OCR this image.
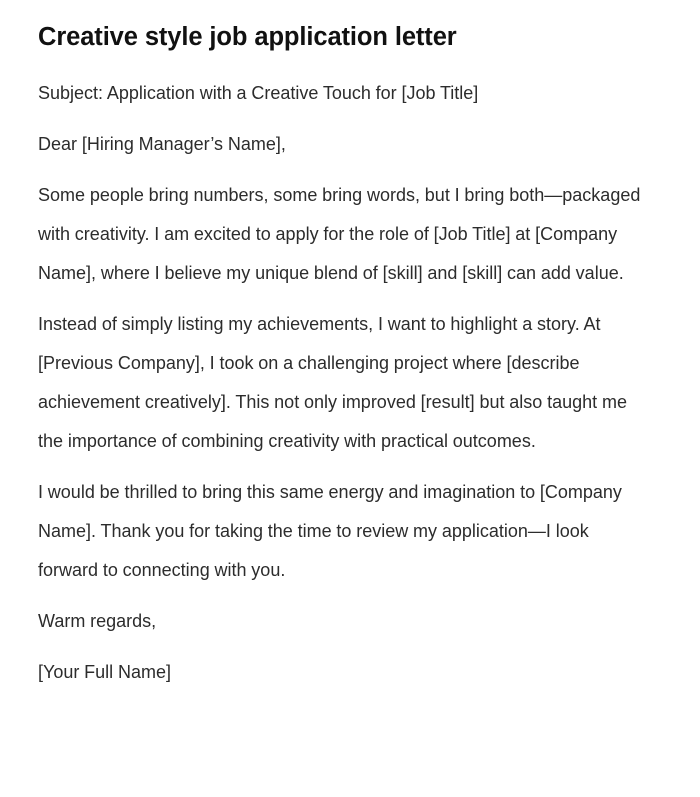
Creative style job application letter

Subject: Application with a Creative Touch for [Job Title]

Dear [Hiring Manager’s Name],

Some people bring numbers, some bring words, but I bring both—packaged with creativity. I am excited to apply for the role of [Job Title] at [Company Name], where I believe my unique blend of [skill] and [skill] can add value.

Instead of simply listing my achievements, I want to highlight a story. At [Previous Company], I took on a challenging project where [describe achievement creatively]. This not only improved [result] but also taught me the importance of combining creativity with practical outcomes.

I would be thrilled to bring this same energy and imagination to [Company Name]. Thank you for taking the time to review my application—I look forward to connecting with you.

Warm regards,

[Your Full Name]
